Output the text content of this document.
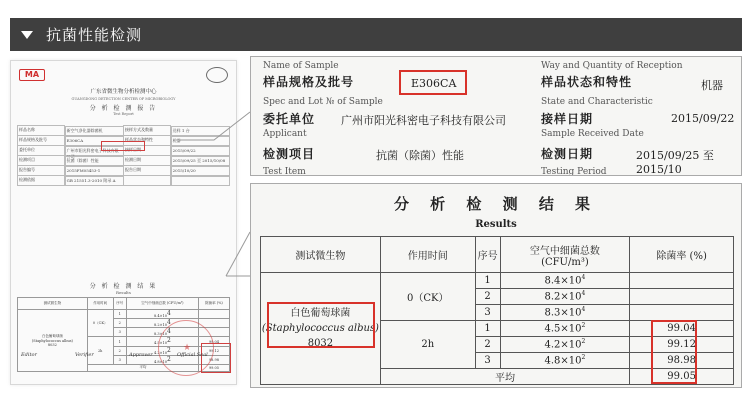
抗菌性能检测
MA
广东省微生物分析检测中心
GUANGDONG DETECTION CENTER OF MICROBIOLOGY
分 析 检 测 报 告
Test Report
样品名称		新空气净化器除菌机	接样方式及数量		送样 1 台

样品规格及批号		E306CA	样品状态和特性		机器

委托单位		广州市阳光科密电子科技有限公司
接样日期		2015/09/22

检测项目		抗菌（除菌）性能	检测日期		2015/09/25 至 2015/10/08

报告编号		2015FM05453-1	报告日期		2015/10/20

检测依据		GB 21551.3-2010 附录 A

分 析 检 测 结 果
Results
测试微生物	作用时间	序号	空气中细菌总数 (CFU/m³)	除菌率 (%)

白色葡萄球菌
(Staphylococcus albus)
8032	0（CK）	1	$8.4\times 10^4$	
		2	$8.2\times 10^4$	
		3	$8.3\times 10^4$	
	2h	1	$4.5\times 10^2$	99.04
		2	$4.2\times 10^2$	99.12
		3	$4.8\times 10^2$	98.98
	平均			99.05
Editor	Verifier	Approver	Official Seal
★
Name of Sample
样品规格及批号	E306CA
Way and Quantity of Reception
样品状态和特性	机器
Spec and Lot № of Sample
委托单位 广州市阳光科密电子科技有限公司
State and Characteristic
接样日期	2015/09/22
Applicant
检测项目	抗菌（除菌）性能
Sample Received Date
检测日期	2015/09/25 至 2015/10
Test Item	Testing Period
分 析 检 测 结 果
Results
测试微生物	作用时间	序号	空气中细菌总数
(CFU/m³)	除菌率 (%)

白色葡萄球菌
(Staphylococcus albus)
8032	0（CK）	1	$8.4\times 10^4$	
		2	$8.2\times 10^4$	
		3	$8.3\times 10^4$	
	2h	1	$4.5\times 10^2$	99.04
		2	$4.2\times 10^2$	99.12
		3	$4.8\times 10^2$	98.98
	平均			99.05
